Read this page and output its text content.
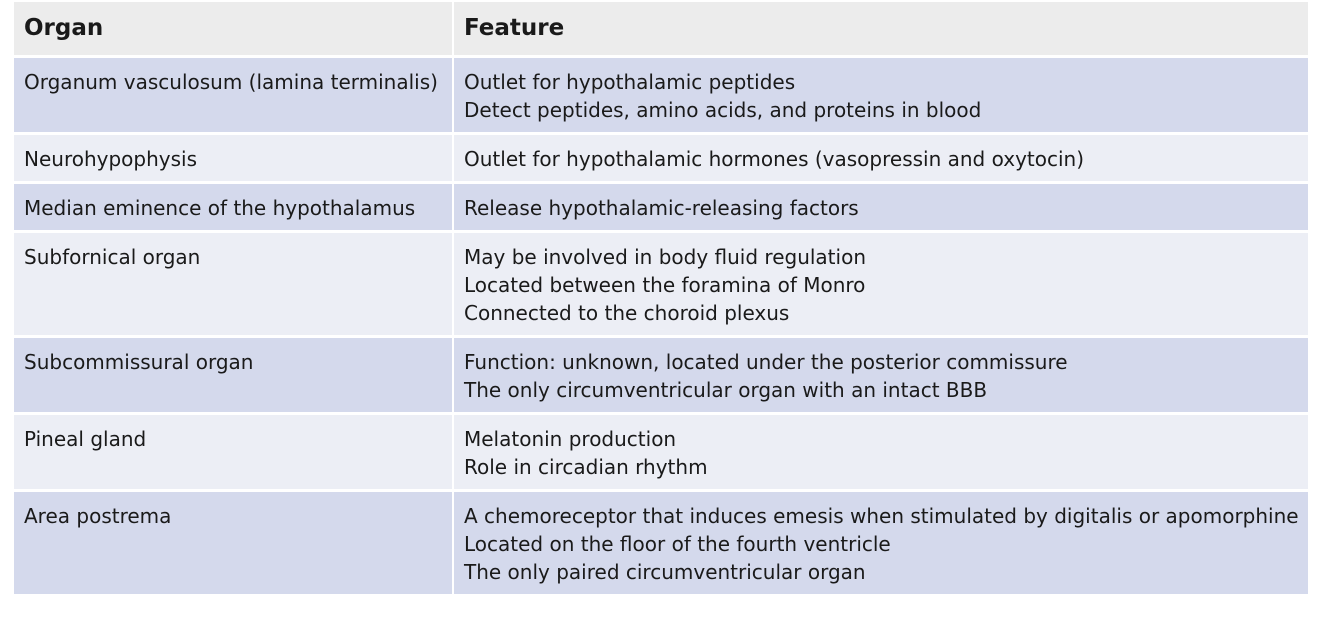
Organ	Feature
Organum vasculosum (lamina terminalis)	Outlet for hypothalamic peptides
Detect peptides, amino acids, and proteins in blood

Neurohypophysis	Outlet for hypothalamic hormones (vasopressin and oxytocin)

Median eminence of the hypothalamus	Release hypothalamic-releasing factors

Subfornical organ	May be involved in body fluid regulation
Located between the foramina of Monro
Connected to the choroid plexus

Subcommissural organ	Function: unknown, located under the posterior commissure
The only circumventricular organ with an intact BBB

Pineal gland	Melatonin production
Role in circadian rhythm

Area postrema	A chemoreceptor that induces emesis when stimulated by digitalis or apomorphine
Located on the floor of the fourth ventricle
The only paired circumventricular organ
